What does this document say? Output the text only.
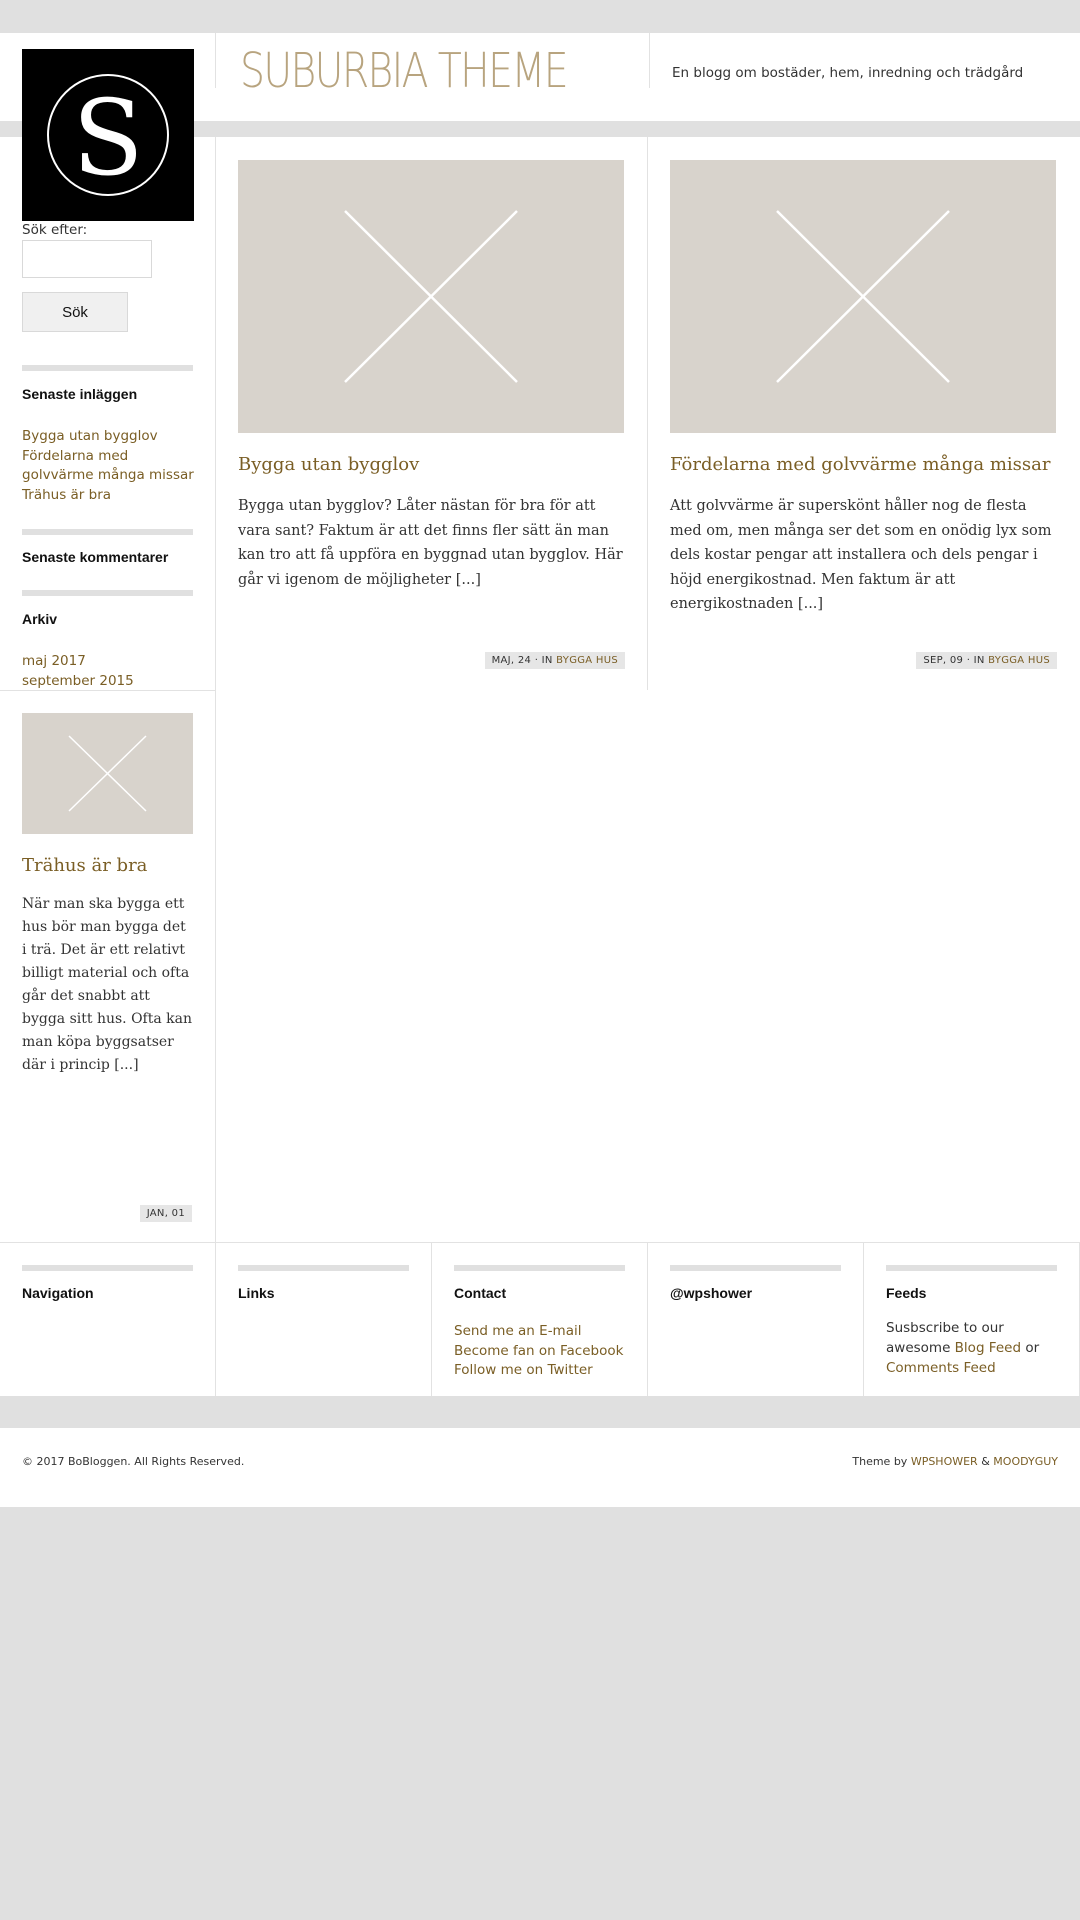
SUBURBIA THEME	En blogg om bostäder, hem, inredning och trädgård
S
Sök efter:
Sök
Senaste inläggen
Bygga utan bygglov
Fördelarna med
golvvärme många missar
Trähus är bra
Senaste kommentarer
Arkiv
maj 2017
september 2015
Bygga utan bygglov

Bygga utan bygglov? Låter nästan för bra för att vara sant? Faktum är att det finns fler sätt än man kan tro att få uppföra en byggnad utan bygglov. Här går vi igenom de möjligheter [...]

MAJ, 24 · IN BYGGA HUS
Fördelarna med golvvärme många missar

Att golvvärme är superskönt håller nog de flesta med om, men många ser det som en onödig lyx som dels kostar pengar att installera och dels pengar i höjd energikostnad. Men faktum är att energikostnaden [...]

SEP, 09 · IN BYGGA HUS
Trähus är bra

När man ska bygga ett hus bör man bygga det i trä. Det är ett relativt billigt material och ofta går det snabbt att bygga sitt hus. Ofta kan man köpa byggsatser där i princip [...]

JAN, 01
Navigation	Links	Contact
Send me an E-mail
Become fan on Facebook
Follow me on Twitter
@wpshower	Feeds
Susbscribe to our awesome Blog Feed or Comments Feed
© 2017 BoBloggen. All Rights Reserved.	Theme by WPSHOWER & MOODYGUY
